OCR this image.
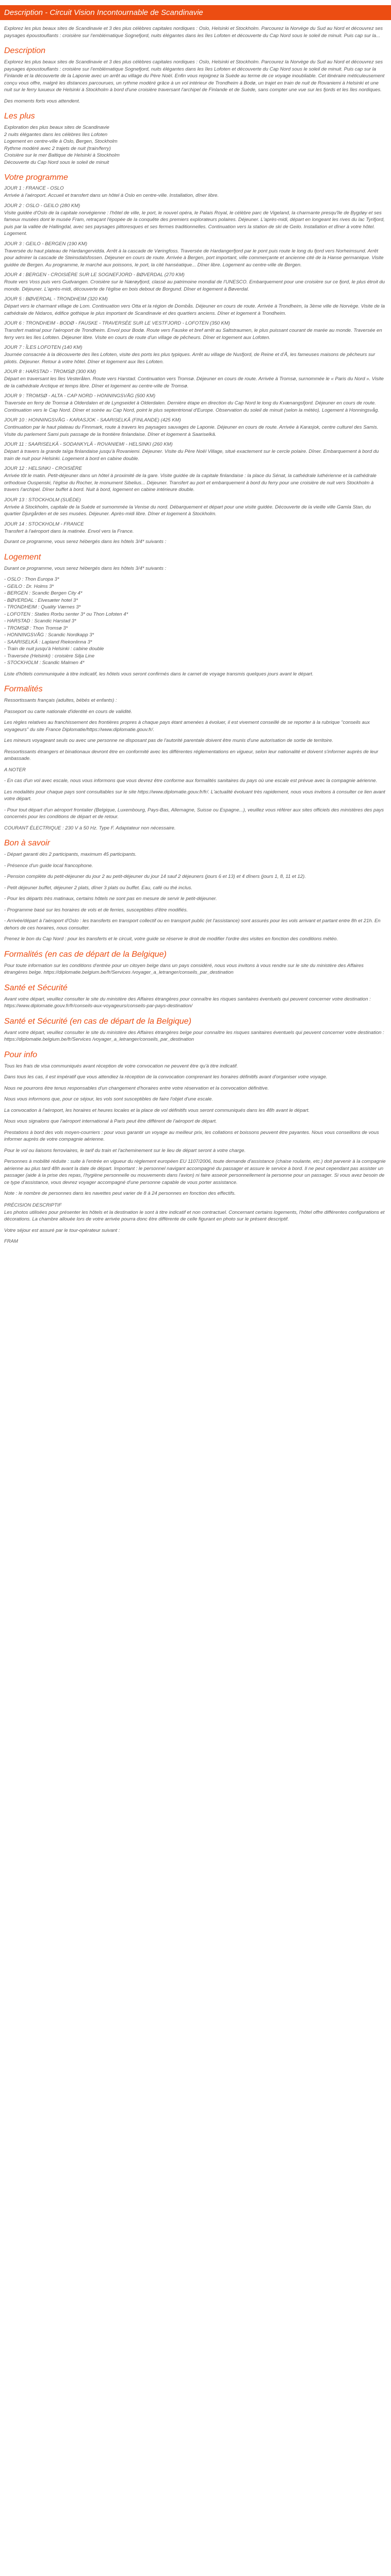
Description - Circuit Vision Incontournable de Scandinavie
Explorez les plus beaux sites de Scandinavie et 3 des plus célèbres capitales nordiques : Oslo, Helsinki et Stockholm. Parcourez la Norvège du Sud au Nord et découvrez ses paysages époustouflants : croisière sur l'emblématique Sognefjord, nuits élégantes dans les îles Lofoten et découverte du Cap Nord sous le soleil de minuit. Puis cap sur la...
Description

Explorez les plus beaux sites de Scandinavie et 3 des plus célèbres capitales nordiques : Oslo, Helsinki et Stockholm. Parcourez la Norvège du Sud au Nord et découvrez ses paysages époustouflants : croisière sur l'emblématique Sognefjord, nuits élégantes dans les îles Lofoten et découverte du Cap Nord sous le soleil de minuit. Puis cap sur la Finlande et la découverte de la Laponie avec un arrêt au village du Père Noël. Enfin vous rejoignez la Suède au terme de ce voyage inoubliable. Cet itinéraire méticuleusement conçu vous offre, malgré les distances parcourues, un rythme modéré grâce à un vol intérieur de Trondheim à Bodø, un trajet en train de nuit de Rovaniemi à Helsinki et une nuit sur le ferry luxueux de Helsinki à Stockholm à bord d'une croisière traversant l'archipel de Finlande et de Suède, sans compter une vue sur les fjords et les îles nordiques.

Des moments forts vous attendent.

Les plus

Exploration des plus beaux sites de Scandinavie

2 nuits élégantes dans les célèbres îles Lofoten

Logement en centre-ville à Oslo, Bergen, Stockholm

Rythme modéré avec 2 trajets de nuit (train/ferry)

Croisière sur le mer Baltique de Helsinki à Stockholm

Découverte du Cap Nord sous le soleil de minuit

Votre programme
JOUR 1 : FRANCE - OSLO

Arrivée à l'aéroport. Accueil et transfert dans un hôtel à Oslo en centre-ville. Installation, dîner libre.

JOUR 2 : OSLO - GEILO (280 KM)

Visite guidée d'Oslo de la capitale norvégienne : l'hôtel de ville, le port, le nouvel opéra, le Palais Royal, le célèbre parc de Vigeland, la charmante presqu'île de Bygdøy et ses fameux musées dont le musée Fram, retraçant l'épopée de la conquête des premiers explorateurs polaires. Déjeuner. L'après-midi, départ en longeant les rives du lac Tyrifjord, puis par la vallée de Hallingdal, avec ses paysages pittoresques et ses fermes traditionnelles. Continuation vers la station de ski de Geilo. Installation et dîner à votre hôtel. Logement.

JOUR 3 : GEILO - BERGEN (190 KM)

Traversée du haut plateau de Hardangervidda. Arrêt à la cascade de Vøringfoss. Traversée de Hardangerfjord par le pont puis route le long du fjord vers Norheimsund. Arrêt pour admirer la cascade de Steinsdalsfossen. Déjeuner en cours de route. Arrivée à Bergen, port important, ville commerçante et ancienne cité de la Hanse germanique. Visite guidée de Bergen. Au programme, le marché aux poissons, le port, la cité hanséatique... Dîner libre. Logement au centre-ville de Bergen.

JOUR 4 : BERGEN - CROISIÈRE SUR LE SOGNEFJORD - BØVERDAL (270 KM)

Route vers Voss puis vers Gudvangen. Croisière sur le Nærøyfjord, classé au patrimoine mondial de l'UNESCO. Embarquement pour une croisière sur ce fjord, le plus étroit du monde. Déjeuner. L'après-midi, découverte de l'église en bois debout de Borgund. Dîner et logement à Bøverdal.

JOUR 5 : BØVERDAL - TRONDHEIM (320 KM)

Départ vers le charmant village de Lom. Continuation vers Otta et la région de Dombås. Déjeuner en cours de route. Arrivée à Trondheim, la 3ème ville de Norvège. Visite de la cathédrale de Nidaros, édifice gothique le plus important de Scandinavie et des quartiers anciens. Dîner et logement à Trondheim.

JOUR 6 : TRONDHEIM - BODØ - FAUSKE - TRAVERSÉE SUR LE VESTFJORD - LOFOTEN (350 KM)

Transfert matinal pour l'aéroport de Trondheim. Envol pour Bodø. Route vers Fauske et bref arrêt au Saltstraumen, le plus puissant courant de marée au monde. Traversée en ferry vers les îles Lofoten. Déjeuner libre. Visite en cours de route d'un village de pêcheurs. Dîner et logement aux Lofoten.

JOUR 7 : ÎLES LOFOTEN (140 KM)

Journée consacrée à la découverte des îles Lofoten, visite des ports les plus typiques. Arrêt au village de Nusfjord, de Reine et d'Å, les fameuses maisons de pêcheurs sur pilotis. Déjeuner. Retour à votre hôtel. Dîner et logement aux îles Lofoten.

JOUR 8 : HARSTAD - TROMSØ (300 KM)

Départ en traversant les îles Vesterålen. Route vers Harstad. Continuation vers Tromsø. Déjeuner en cours de route. Arrivée à Tromsø, surnommée le « Paris du Nord ». Visite de la cathédrale Arctique et temps libre. Dîner et logement au centre-ville de Tromsø.

JOUR 9 : TROMSØ - ALTA - CAP NORD - HONNINGSVÅG (500 KM)

Traversée en ferry de Tromsø à Olderdalen et de Lyngseidet à Olderdalen. Dernière étape en direction du Cap Nord le long du Kvænangsfjord. Déjeuner en cours de route. Continuation vers le Cap Nord. Dîner et soirée au Cap Nord, point le plus septentrional d'Europe. Observation du soleil de minuit (selon la météo). Logement à Honningsvåg.

JOUR 10 : HONNINGSVÅG - KARASJOK - SAARISELKÄ (FINLANDE) (425 KM)

Continuation par le haut plateau du Finnmark, route à travers les paysages sauvages de Laponie. Déjeuner en cours de route. Arrivée à Karasjok, centre culturel des Samis. Visite du parlement Sami puis passage de la frontière finlandaise. Dîner et logement à Saariselkä.

JOUR 11 : SAARISELKÄ - SODANKYLÄ - ROVANIEMI - HELSINKI (260 KM)

Départ à travers la grande taïga finlandaise jusqu'à Rovaniemi. Déjeuner. Visite du Père Noël Village, situé exactement sur le cercle polaire. Dîner. Embarquement à bord du train de nuit pour Helsinki. Logement à bord en cabine double.

JOUR 12 : HELSINKI - CROISIÈRE

Arrivée tôt le matin. Petit-déjeuner dans un hôtel à proximité de la gare. Visite guidée de la capitale finlandaise : la place du Sénat, la cathédrale luthérienne et la cathédrale orthodoxe Ouspenski, l'église du Rocher, le monument Sibelius... Déjeuner. Transfert au port et embarquement à bord du ferry pour une croisière de nuit vers Stockholm à travers l'archipel. Dîner buffet à bord. Nuit à bord, logement en cabine intérieure double.

JOUR 13 : STOCKHOLM (SUÈDE)

Arrivée à Stockholm, capitale de la Suède et surnommée la Venise du nord. Débarquement et départ pour une visite guidée. Découverte de la vieille ville Gamla Stan, du quartier Djurgården et de ses musées. Déjeuner. Après-midi libre. Dîner et logement à Stockholm.

JOUR 14 : STOCKHOLM - FRANCE

Transfert à l'aéroport dans la matinée. Envol vers la France.

Durant ce programme, vous serez hébergés dans les hôtels 3/4* suivants :

Logement

Durant ce programme, vous serez hébergés dans les hôtels 3/4* suivants :

- OSLO : Thon Europa 3*

- GEILO : Dr. Holms 3*

- BERGEN : Scandic Bergen City 4*

- BØVERDAL : Elvesæter hotel 3*

- TRONDHEIM : Quality Værnes 3*

- LOFOTEN : Statles Rorbu senter 3* ou Thon Lofoten 4*

- HARSTAD : Scandic Harstad 3*

- TROMSØ : Thon Tromsø 3*

- HONNINGSVÅG : Scandic Nordkapp 3*

- SAARISELKÄ : Lapland Riekonlinna 3*

- Train de nuit jusqu'à Helsinki : cabine double

- Traversée (Helsinki) : croisière Silja Line

- STOCKHOLM : Scandic Malmen 4*

Liste d'hôtels communiquée à titre indicatif, les hôtels vous seront confirmés dans le carnet de voyage transmis quelques jours avant le départ.

Formalités

Ressortissants français (adultes, bébés et enfants) :

Passeport ou carte nationale d'identité en cours de validité.

Les règles relatives au franchissement des frontières propres à chaque pays étant amenées à évoluer, il est vivement conseillé de se reporter à la rubrique "conseils aux voyageurs" du site France Diplomatie/https://www.diplomatie.gouv.fr/.

Les mineurs voyageant seuls ou avec une personne ne disposant pas de l'autorité parentale doivent être munis d'une autorisation de sortie de territoire.

Ressortissants étrangers et binationaux devront être en conformité avec les différentes réglementations en vigueur, selon leur nationalité et doivent s'informer auprès de leur ambassade.

A NOTER

- En cas d'un vol avec escale, nous vous informons que vous devrez être conforme aux formalités sanitaires du pays où une escale est prévue avec la compagnie aérienne.

Les modalités pour chaque pays sont consultables sur le site https://www.diplomatie.gouv.fr/fr/. L'actualité évoluant très rapidement, nous vous invitons à consulter ce lien avant votre départ.

- Pour tout départ d'un aéroport frontalier (Belgique, Luxembourg, Pays-Bas, Allemagne, Suisse ou Espagne...), veuillez vous référer aux sites officiels des ministères des pays concernés pour les conditions de départ et de retour.

COURANT ÉLECTRIQUE : 230 V à 50 Hz. Type F. Adaptateur non nécessaire.

Bon à savoir

- Départ garanti dès 2 participants, maximum 45 participants.

- Présence d'un guide local francophone.

- Pension complète du petit-déjeuner du jour 2 au petit-déjeuner du jour 14 sauf 2 déjeuners (jours 6 et 13) et 4 dîners (jours 1, 8, 11 et 12).

- Petit déjeuner buffet, déjeuner 2 plats, dîner 3 plats ou buffet. Eau, café ou thé inclus.

- Pour les départs très matinaux, certains hôtels ne sont pas en mesure de servir le petit-déjeuner.

- Programme basé sur les horaires de vols et de ferries, susceptibles d'être modifiés.

- Arrivée/départ à l'aéroport d'Oslo : les transferts en transport collectif ou en transport public (et l'assistance) sont assurés pour les vols arrivant et partant entre 8h et 21h. En dehors de ces horaires, nous consulter.

Prenez le bon du Cap Nord : pour les transferts et le circuit, votre guide se réserve le droit de modifier l'ordre des visites en fonction des conditions météo.

Formalités (en cas de départ de la Belgique)

Pour toute information sur les conditions d'entrée pour un citoyen belge dans un pays considéré, nous vous invitons à vous rendre sur le site du ministère des Affaires étrangères belge. https://diplomatie.belgium.be/fr/Services /voyager_a_letranger/conseils_par_destination

Santé et Sécurité

Avant votre départ, veuillez consulter le site du ministère des Affaires étrangères pour connaître les risques sanitaires éventuels qui peuvent concerner votre destination : https://www.diplomatie.gouv.fr/fr/conseils-aux-voyageurs/conseils-par-pays-destination/

Santé et Sécurité (en cas de départ de la Belgique)

Avant votre départ, veuillez consulter le site du ministère des Affaires étrangères belge pour connaître les risques sanitaires éventuels qui peuvent concerner votre destination : https://diplomatie.belgium.be/fr/Services /voyager_a_letranger/conseils_par_destination

Pour info

Tous les frais de visa communiqués avant réception de votre convocation ne peuvent être qu'à titre indicatif.

Dans tous les cas, il est impératif que vous attendiez la réception de la convocation comprenant les horaires définitifs avant d'organiser votre voyage.

Nous ne pourrons être tenus responsables d'un changement d'horaires entre votre réservation et la convocation définitive.

Nous vous informons que, pour ce séjour, les vols sont susceptibles de faire l'objet d'une escale.

La convocation à l'aéroport, les horaires et heures locales et la place de vol définitifs vous seront communiqués dans les 48h avant le départ.

Nous vous signalons que l'aéroport international à Paris peut être différent de l'aéroport de départ.

Prestations à bord des vols moyen-courriers : pour vous garantir un voyage au meilleur prix, les collations et boissons peuvent être payantes. Nous vous conseillons de vous informer auprès de votre compagnie aérienne.

Pour le vol ou liaisons ferroviaires, le tarif du train et l'acheminement sur le lieu de départ seront à votre charge.

Personnes à mobilité réduite : suite à l'entrée en vigueur du règlement européen EU 1107/2006, toute demande d'assistance (chaise roulante, etc.) doit parvenir à la compagnie aérienne au plus tard 48h avant la date de départ. Important : le personnel navigant accompagné du passager et assure le service à bord. Il ne peut cependant pas assister un passager (aide à la prise des repas, l'hygiène personnelle ou mouvements dans l'avion) ni faire asseoir personnellement la personne pour un passager. Si vous avez besoin de ce type d'assistance, vous devrez voyager accompagné d'une personne capable de vous porter assistance.

Note : le nombre de personnes dans les navettes peut varier de 8 à 24 personnes en fonction des effectifs.

PRÉCISION DESCRIPTIF

Les photos utilisées pour présenter les hôtels et la destination le sont à titre indicatif et non contractuel. Concernant certains logements, l'hôtel offre différentes configurations et décorations. La chambre allouée lors de votre arrivée pourra donc être différente de celle figurant en photo sur le présent descriptif.

Votre séjour est assuré par le tour-opérateur suivant :

FRAM
